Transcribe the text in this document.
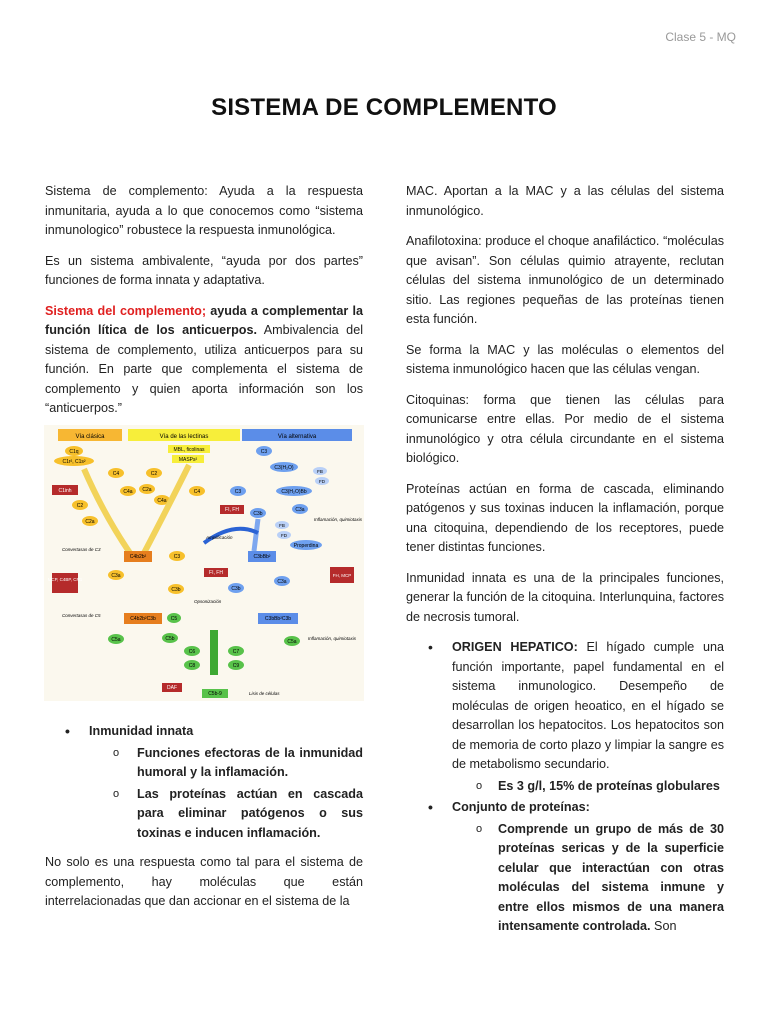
Clase 5 - MQ
SISTEMA DE COMPLEMENTO

Sistema de complemento: Ayuda a la respuesta inmunitaria, ayuda a lo que conocemos como “sistema inmunologico” robustece la respuesta inmunológica.

Es un sistema ambivalente, “ayuda por dos partes” funciones de forma innata y adaptativa.

Sistema del complemento; ayuda a complementar la función lítica de los anticuerpos. Ambivalencia del sistema de complemento, utiliza anticuerpos para su función. En parte que complementa el sistema de complemento y quien aporta información son los “anticuerpos.”

Vía clásica	Vía de las lectinas	Vía alternativa
C1q
C1r², C1s²
C1inh
C4
C4a
C2
C2a
MBL, ficolinas
MASPs²
C2
C2a
C4a
C4
C3
C3(H₂O)
FB
FD
C3(H₂O)Bb
C3
FI, FH
C3b
C3a
Inflamación, quimiotaxis
FB
FD
Properdina
Amplificación
Convertasas de C3
C4b2b²	C3	C3bBb²
MCP, C4BP, CR1
C3a
C3b
FI, FH
C3b
C3a
FH, MCP
Opsonización
Convertasas de C5
C4b2b²C3b	C5	C3bBb²C3b
C5b
C5a	C5a
Inflamación, quimiotaxis
C6	C7
C8	C9
DAF
C5b-9	Lisis de células
• Inmunidad innata
o Funciones efectoras de la inmunidad humoral y la inflamación.
o Las proteínas actúan en cascada para eliminar patógenos o sus toxinas e inducen inflamación.

No solo es una respuesta como tal para el sistema de complemento, hay moléculas que están interrelacionadas que dan accionar en el sistema de la

MAC. Aportan a la MAC y a las células del sistema inmunológico.

Anafilotoxina: produce el choque anafiláctico. “moléculas que avisan”. Son células quimio atrayente, reclutan células del sistema inmunológico de un determinado sitio. Las regiones pequeñas de las proteínas tienen esta función.

Se forma la MAC y las moléculas o elementos del sistema inmunológico hacen que las células vengan.

Citoquinas: forma que tienen las células para comunicarse entre ellas. Por medio de el sistema inmunológico y otra célula circundante en el sistema biológico.

Proteínas actúan en forma de cascada, eliminando patógenos y sus toxinas inducen la inflamación, porque una citoquina, dependiendo de los receptores, puede tener distintas funciones.

Inmunidad innata es una de la principales funciones, generar la función de la citoquina. Interlunquina, factores de necrosis tumoral.

• ORIGEN HEPATICO: El hígado cumple una función importante, papel fundamental en el sistema inmunologico. Desempeño de moléculas de origen heoatico, en el hígado se desarrollan los hepatocitos. Los hepatocitos son de memoria de corto plazo y limpiar la sangre es de metabolismo secundario.
o Es 3 g/l, 15% de proteínas globulares
• Conjunto de proteínas:
o Comprende un grupo de más de 30 proteínas sericas y de la superficie celular que interactúan con otras moléculas del sistema inmune y entre ellos mismos de una manera intensamente controlada. Son
